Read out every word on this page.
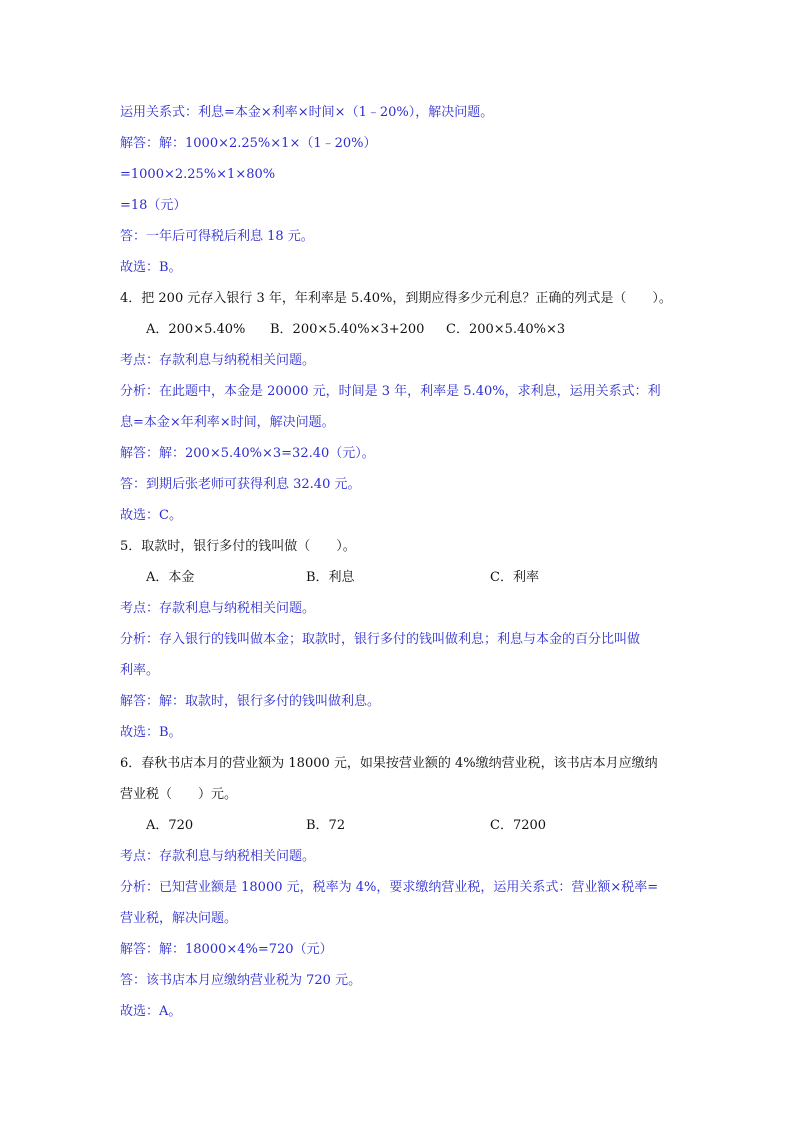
运用关系式：利息=本金×利率×时间×（1﹣20%），解决问题。

解答：解：1000×2.25%×1×（1﹣20%）

=1000×2.25%×1×80%

=18（元）

答：一年后可得税后利息 18 元。

故选：B。

4．把 200 元存入银行 3 年，年利率是 5.40%，到期应得多少元利息？正确的列式是（　　）。

A．200×5.40% B．200×5.40%×3+200 C．200×5.40%×3

考点：存款利息与纳税相关问题。

分析：在此题中，本金是 20000 元，时间是 3 年，利率是 5.40%，求利息，运用关系式：利

息=本金×年利率×时间，解决问题。

解答：解：200×5.40%×3=32.40（元）。

答：到期后张老师可获得利息 32.40 元。

故选：C。

5．取款时，银行多付的钱叫做（　　）。

A．本金	B．利息	C．利率

考点：存款利息与纳税相关问题。

分析：存入银行的钱叫做本金；取款时，银行多付的钱叫做利息；利息与本金的百分比叫做

利率。

解答：解：取款时，银行多付的钱叫做利息。

故选：B。

6．春秋书店本月的营业额为 18000 元，如果按营业额的 4%缴纳营业税，该书店本月应缴纳

营业税（　　）元。

A．720	B．72	C．7200

考点：存款利息与纳税相关问题。

分析：已知营业额是 18000 元，税率为 4%，要求缴纳营业税，运用关系式：营业额×税率=

营业税，解决问题。

解答：解：18000×4%=720（元）

答：该书店本月应缴纳营业税为 720 元。

故选：A。
